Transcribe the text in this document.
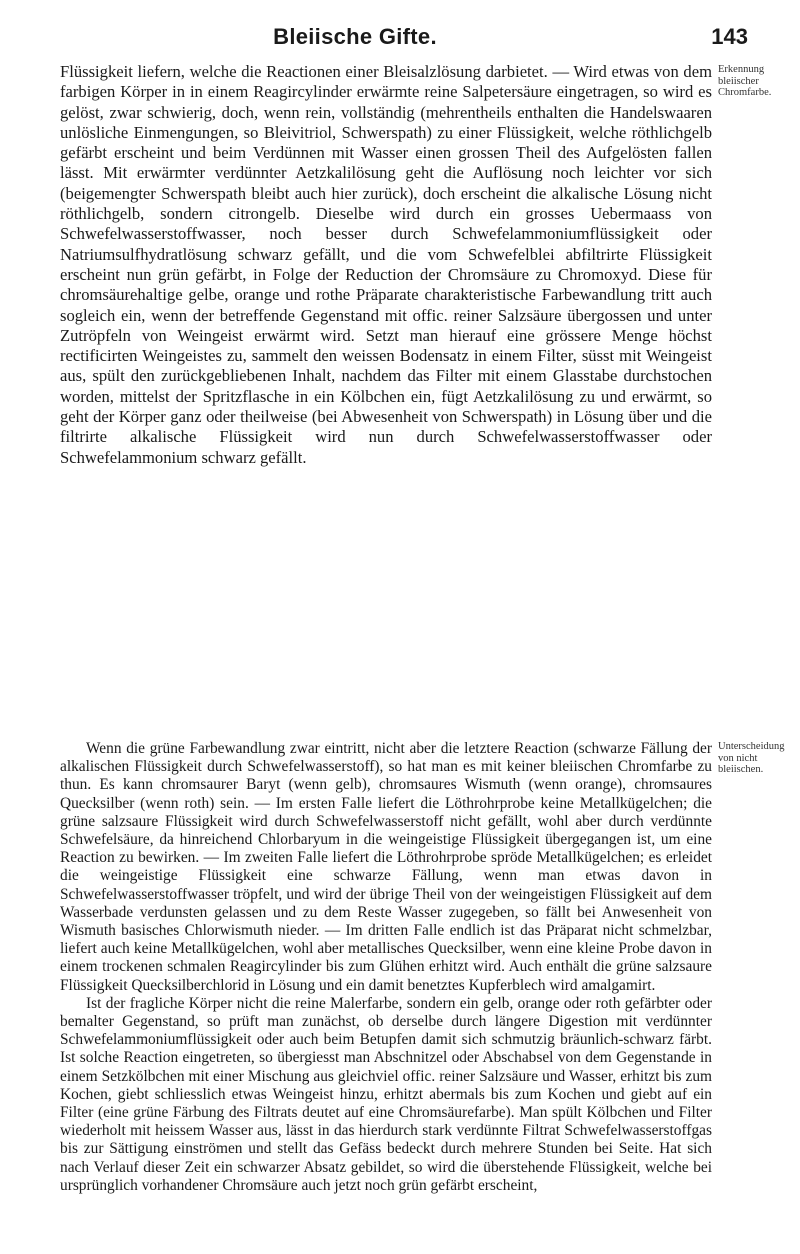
Bleiische Gifte.	143
Erkennung bleiischer Chromfarbe.
Unterscheidung von nicht bleiischen.

Flüssigkeit liefern, welche die Reactionen einer Bleisalzlösung darbietet. — Wird etwas von dem farbigen Körper in in einem Reagircylinder erwärmte reine Salpetersäure eingetragen, so wird es gelöst, zwar schwierig, doch, wenn rein, vollständig (mehrentheils enthalten die Handelswaaren unlösliche Einmengungen, so Bleivitriol, Schwerspath) zu einer Flüssigkeit, welche röthlichgelb gefärbt erscheint und beim Verdünnen mit Wasser einen grossen Theil des Aufgelösten fallen lässt. Mit erwärmter verdünnter Aetzkalilösung geht die Auflösung noch leichter vor sich (beigemengter Schwerspath bleibt auch hier zurück), doch erscheint die alkalische Lösung nicht röthlichgelb, sondern citrongelb. Dieselbe wird durch ein grosses Uebermaass von Schwefelwasserstoffwasser, noch besser durch Schwefelammoniumflüssigkeit oder Natriumsulfhydratlösung schwarz gefällt, und die vom Schwefelblei abfiltrirte Flüssigkeit erscheint nun grün gefärbt, in Folge der Reduction der Chromsäure zu Chromoxyd. Diese für chromsäurehaltige gelbe, orange und rothe Präparate charakteristische Farbewandlung tritt auch sogleich ein, wenn der betreffende Gegenstand mit offic. reiner Salzsäure übergossen und unter Zutröpfeln von Weingeist erwärmt wird. Setzt man hierauf eine grössere Menge höchst rectificirten Weingeistes zu, sammelt den weissen Bodensatz in einem Filter, süsst mit Weingeist aus, spült den zurückgebliebenen Inhalt, nachdem das Filter mit einem Glasstabe durchstochen worden, mittelst der Spritzflasche in ein Kölbchen ein, fügt Aetzkalilösung zu und erwärmt, so geht der Körper ganz oder theilweise (bei Abwesenheit von Schwerspath) in Lösung über und die filtrirte alkalische Flüssigkeit wird nun durch Schwefelwasserstoffwasser oder Schwefelammonium schwarz gefällt.

Wenn die grüne Farbewandlung zwar eintritt, nicht aber die letztere Reaction (schwarze Fällung der alkalischen Flüssigkeit durch Schwefelwasserstoff), so hat man es mit keiner bleiischen Chromfarbe zu thun. Es kann chromsaurer Baryt (wenn gelb), chromsaures Wismuth (wenn orange), chromsaures Quecksilber (wenn roth) sein. — Im ersten Falle liefert die Löthrohrprobe keine Metallkügelchen; die grüne salzsaure Flüssigkeit wird durch Schwefelwasserstoff nicht gefällt, wohl aber durch verdünnte Schwefelsäure, da hinreichend Chlorbaryum in die weingeistige Flüssigkeit übergegangen ist, um eine Reaction zu bewirken. — Im zweiten Falle liefert die Löthrohrprobe spröde Metallkügelchen; es erleidet die weingeistige Flüssigkeit eine schwarze Fällung, wenn man etwas davon in Schwefelwasserstoffwasser tröpfelt, und wird der übrige Theil von der weingeistigen Flüssigkeit auf dem Wasserbade verdunsten gelassen und zu dem Reste Wasser zugegeben, so fällt bei Anwesenheit von Wismuth basisches Chlorwismuth nieder. — Im dritten Falle endlich ist das Präparat nicht schmelzbar, liefert auch keine Metallkügelchen, wohl aber metallisches Quecksilber, wenn eine kleine Probe davon in einem trockenen schmalen Reagircylinder bis zum Glühen erhitzt wird. Auch enthält die grüne salzsaure Flüssigkeit Quecksilberchlorid in Lösung und ein damit benetztes Kupferblech wird amalgamirt.

Ist der fragliche Körper nicht die reine Malerfarbe, sondern ein gelb, orange oder roth gefärbter oder bemalter Gegenstand, so prüft man zunächst, ob derselbe durch längere Digestion mit verdünnter Schwefelammoniumflüssigkeit oder auch beim Betupfen damit sich schmutzig bräunlich-schwarz färbt. Ist solche Reaction eingetreten, so übergiesst man Abschnitzel oder Abschabsel von dem Gegenstande in einem Setzkölbchen mit einer Mischung aus gleichviel offic. reiner Salzsäure und Wasser, erhitzt bis zum Kochen, giebt schliesslich etwas Weingeist hinzu, erhitzt abermals bis zum Kochen und giebt auf ein Filter (eine grüne Färbung des Filtrats deutet auf eine Chromsäurefarbe). Man spült Kölbchen und Filter wiederholt mit heissem Wasser aus, lässt in das hierdurch stark verdünnte Filtrat Schwefelwasserstoffgas bis zur Sättigung einströmen und stellt das Gefäss bedeckt durch mehrere Stunden bei Seite. Hat sich nach Verlauf dieser Zeit ein schwarzer Absatz gebildet, so wird die überstehende Flüssigkeit, welche bei ursprünglich vorhandener Chromsäure auch jetzt noch grün gefärbt erscheint,
